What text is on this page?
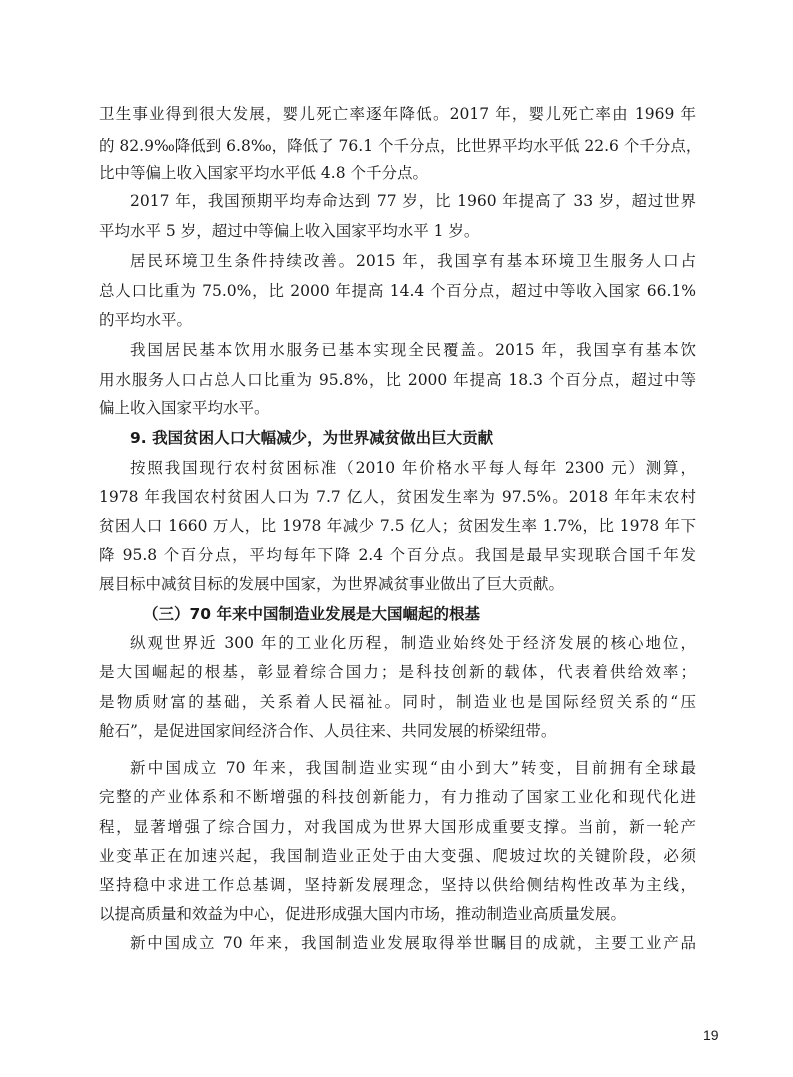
卫生事业得到很大发展，婴儿死亡率逐年降低。2017 年，婴儿死亡率由 1969 年
的 82.9‰降低到 6.8‰，降低了 76.1 个千分点，比世界平均水平低 22.6 个千分点，
比中等偏上收入国家平均水平低 4.8 个千分点。
2017 年，我国预期平均寿命达到 77 岁，比 1960 年提高了 33 岁，超过世界
平均水平 5 岁，超过中等偏上收入国家平均水平 1 岁。
居民环境卫生条件持续改善。2015 年，我国享有基本环境卫生服务人口占
总人口比重为 75.0%，比 2000 年提高 14.4 个百分点，超过中等收入国家 66.1%
的平均水平。
我国居民基本饮用水服务已基本实现全民覆盖。2015 年，我国享有基本饮
用水服务人口占总人口比重为 95.8%，比 2000 年提高 18.3 个百分点，超过中等
偏上收入国家平均水平。
9. 我国贫困人口大幅减少，为世界减贫做出巨大贡献
按照我国现行农村贫困标准（2010 年价格水平每人每年 2300 元）测算，
1978 年我国农村贫困人口为 7.7 亿人，贫困发生率为 97.5%。2018 年年末农村
贫困人口 1660 万人，比 1978 年减少 7.5 亿人；贫困发生率 1.7%，比 1978 年下
降 95.8 个百分点，平均每年下降 2.4 个百分点。我国是最早实现联合国千年发
展目标中减贫目标的发展中国家，为世界减贫事业做出了巨大贡献。
（三）70 年来中国制造业发展是大国崛起的根基
纵观世界近 300 年的工业化历程，制造业始终处于经济发展的核心地位，
是大国崛起的根基，彰显着综合国力；是科技创新的载体，代表着供给效率；
是物质财富的基础，关系着人民福祉。同时，制造业也是国际经贸关系的“压
舱石”，是促进国家间经济合作、人员往来、共同发展的桥梁纽带。
新中国成立 70 年来，我国制造业实现“由小到大”转变，目前拥有全球最
完整的产业体系和不断增强的科技创新能力，有力推动了国家工业化和现代化进
程，显著增强了综合国力，对我国成为世界大国形成重要支撑。当前，新一轮产
业变革正在加速兴起，我国制造业正处于由大变强、爬坡过坎的关键阶段，必须
坚持稳中求进工作总基调，坚持新发展理念，坚持以供给侧结构性改革为主线，
以提高质量和效益为中心，促进形成强大国内市场，推动制造业高质量发展。
新中国成立 70 年来，我国制造业发展取得举世瞩目的成就，主要工业产品
19
